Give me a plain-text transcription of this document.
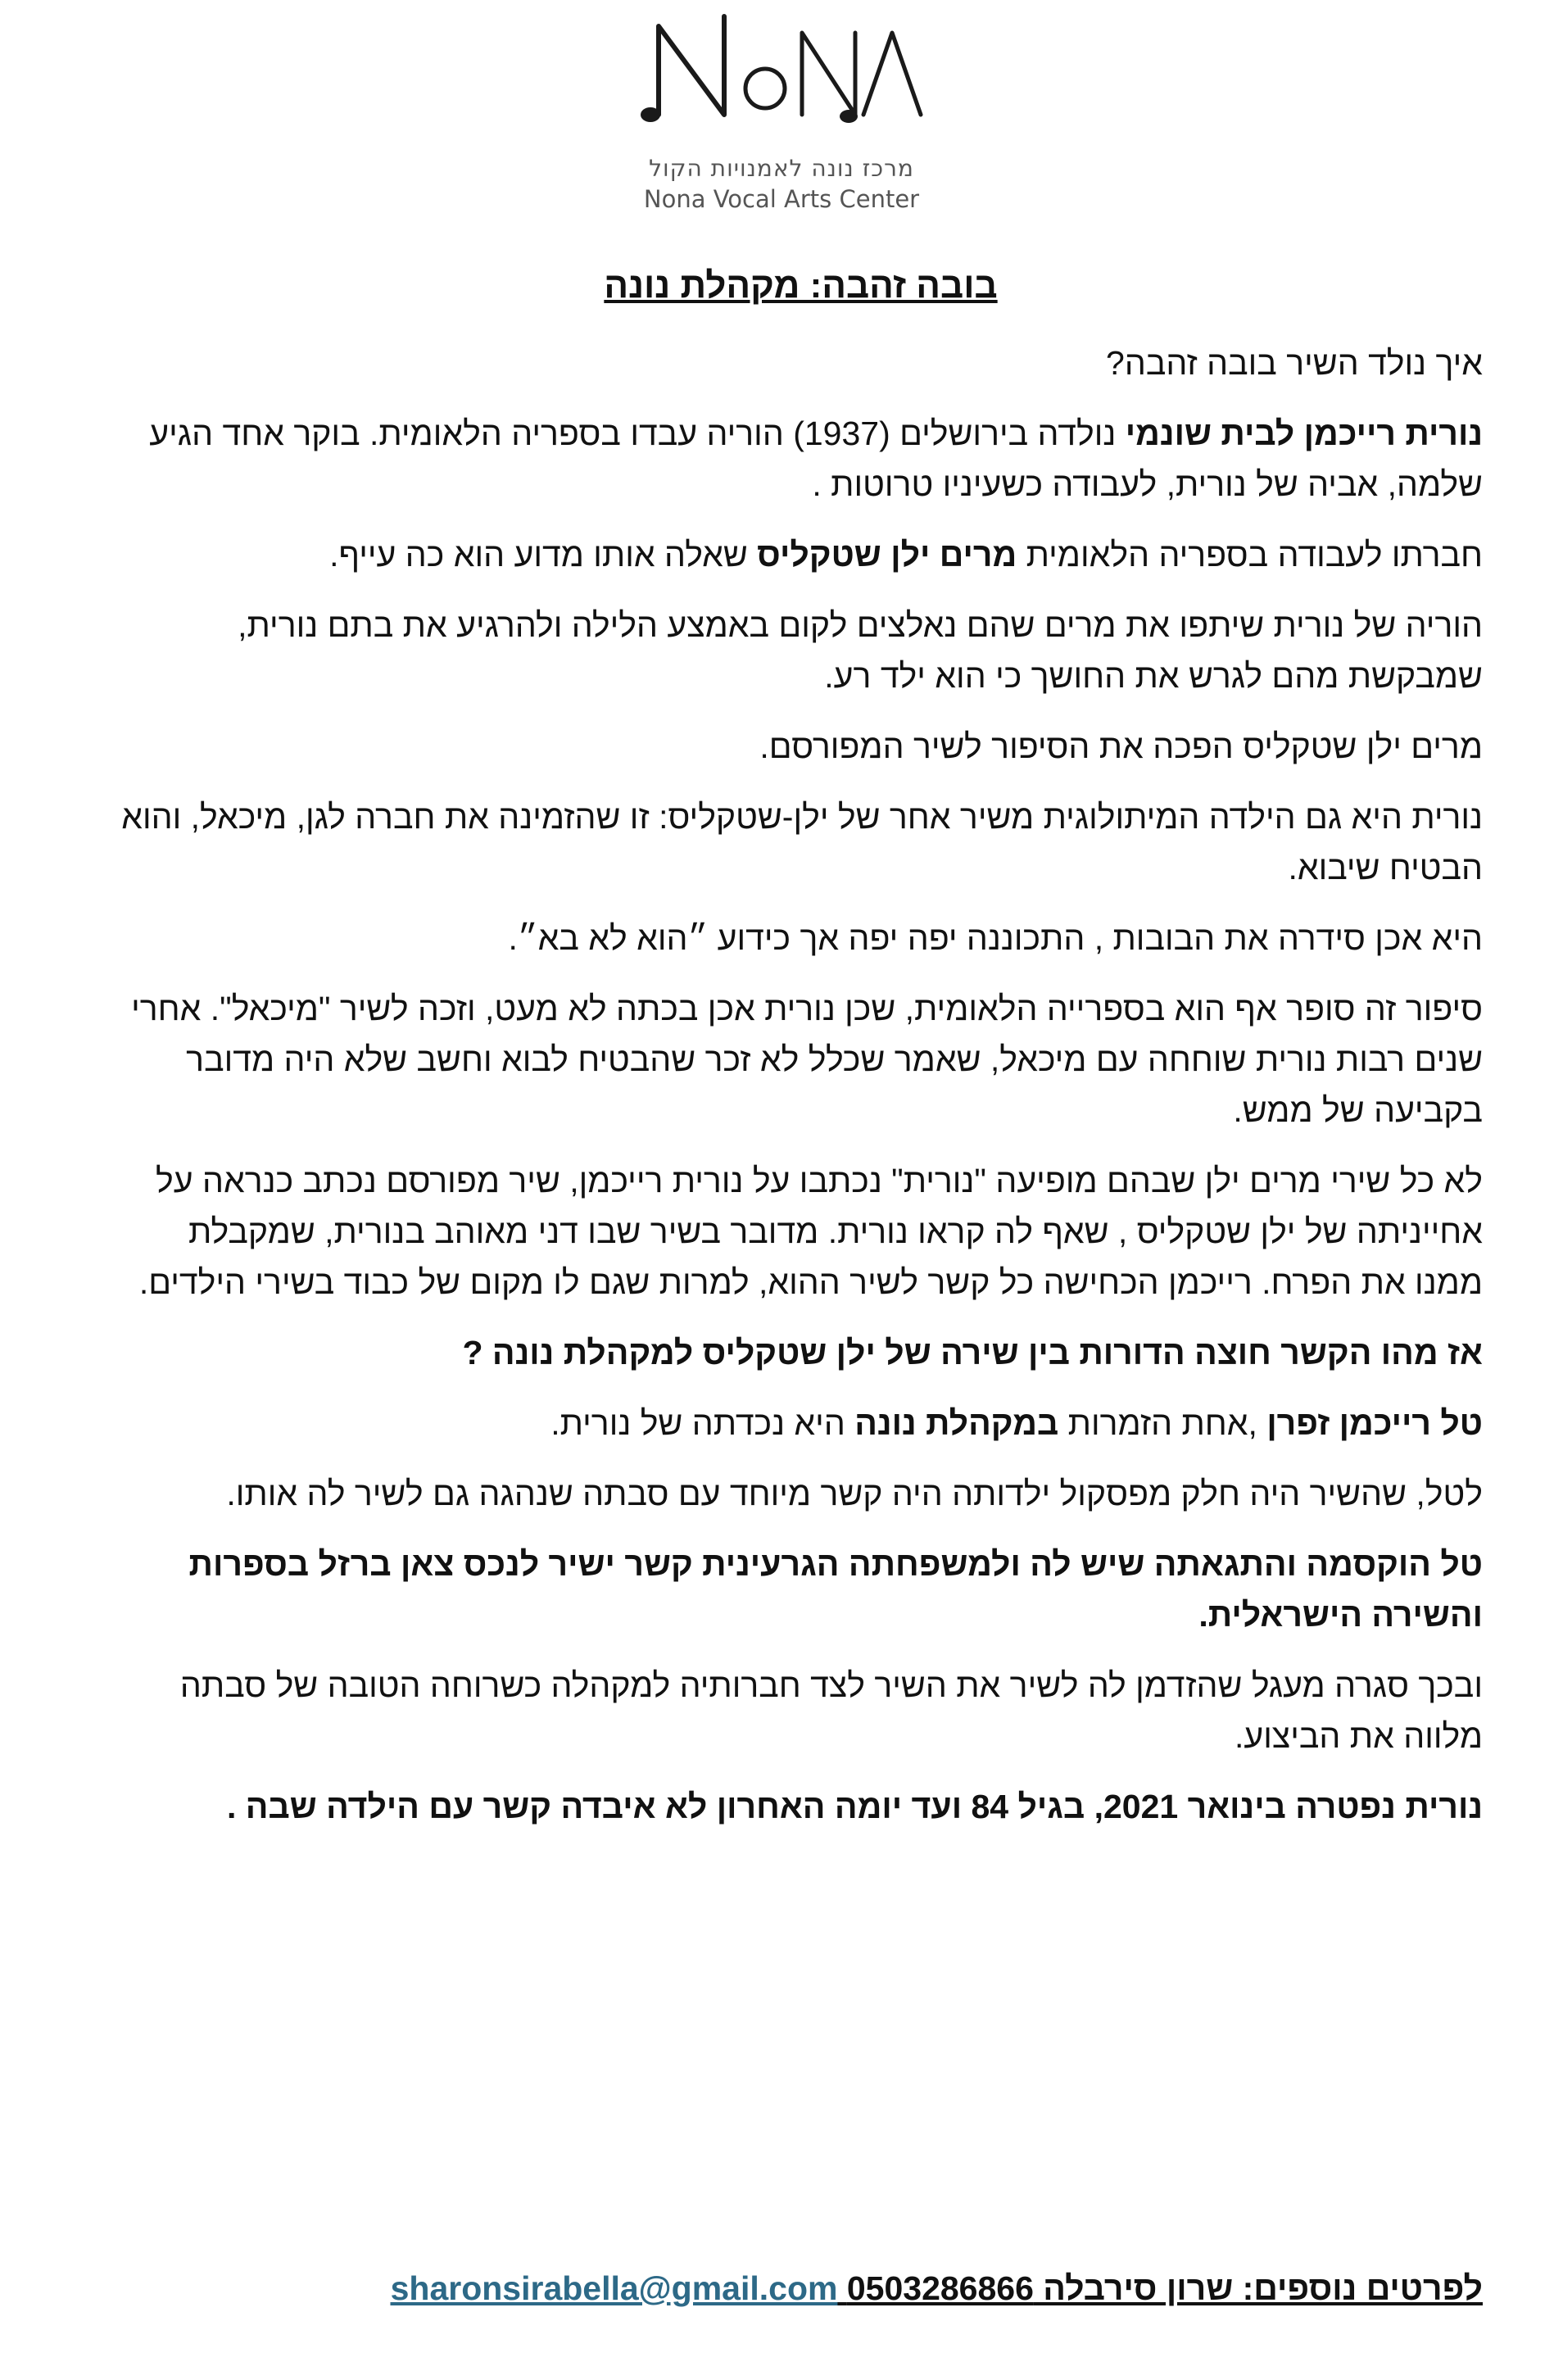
מרכז נונה לאמנויות הקול
Nona Vocal Arts Center
בובה זהבה: מקהלת נונה

איך נולד השיר בובה זהבה?

נורית רייכמן לבית שונמי נולדה בירושלים (1937) הוריה עבדו בספריה הלאומית. בוקר אחד הגיע שלמה, אביה של נורית, לעבודה כשעיניו טרוטות .

חברתו לעבודה בספריה הלאומית מרים ילן שטקליס שאלה אותו מדוע הוא כה עייף.

הוריה של נורית שיתפו את מרים שהם נאלצים לקום באמצע הלילה ולהרגיע את בתם נורית, שמבקשת מהם לגרש את החושך כי הוא ילד רע.

מרים ילן שטקליס הפכה את הסיפור לשיר המפורסם.

נורית היא גם הילדה המיתולוגית משיר אחר של ילן-שטקליס: זו שהזמינה את חברה לגן, מיכאל, והוא הבטיח שיבוא.

היא אכן סידרה את הבובות , התכוננה יפה יפה אך כידוע ״הוא לא בא״.

סיפור זה סופר אף הוא בספרייה הלאומית, שכן נורית אכן בכתה לא מעט, וזכה לשיר "מיכאל". אחרי שנים רבות נורית שוחחה עם מיכאל, שאמר שכלל לא זכר שהבטיח לבוא וחשב שלא היה מדובר בקביעה של ממש.

לא כל שירי מרים ילן שבהם מופיעה "נורית" נכתבו על נורית רייכמן, שיר מפורסם נכתב כנראה על אחייניתה של ילן שטקליס , שאף לה קראו נורית. מדובר בשיר שבו דני מאוהב בנורית, שמקבלת ממנו את הפרח. רייכמן הכחישה כל קשר לשיר ההוא, למרות שגם לו מקום של כבוד בשירי הילדים.

אז מהו הקשר חוצה הדורות בין שירה של ילן שטקליס למקהלת נונה ?

טל רייכמן זפרן ,אחת הזמרות במקהלת נונה היא נכדתה של נורית.

לטל, שהשיר היה חלק מפסקול ילדותה היה קשר מיוחד עם סבתה שנהגה גם לשיר לה אותו.

טל הוקסמה והתגאתה שיש לה ולמשפחתה הגרעינית קשר ישיר לנכס צאן ברזל בספרות והשירה הישראלית.

ובכך סגרה מעגל שהזדמן לה לשיר את השיר לצד חברותיה למקהלה כשרוחה הטובה של סבתה מלווה את הביצוע.

נורית נפטרה בינואר 2021, בגיל 84 ועד יומה האחרון לא איבדה קשר עם הילדה שבה .

לפרטים נוספים: שרון סירבלה 0503286866 sharonsirabella@gmail.com
